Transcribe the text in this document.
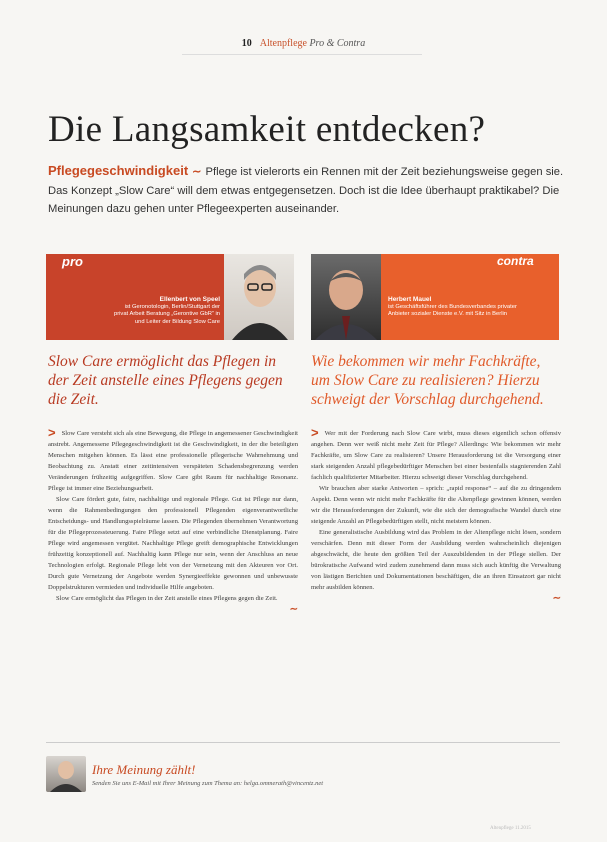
10 Altenpflege Pro & Contra
Die Langsamkeit entdecken?
Pflegegeschwindigkeit ∼ Pflege ist vielerorts ein Rennen mit der Zeit beziehungsweise gegen sie. Das Konzept „Slow Care“ will dem etwas entgegensetzen. Doch ist die Idee überhaupt praktikabel? Die Meinungen dazu gehen unter Pflegeexperten auseinander.
pro
Ellenbert von Speel
ist Geronotologin, Berlin/Stuttgart der privat Arbeit Beratung „Gerontive GbR“ in und Leiter der Bildung Slow Care
contra
Herbert Mauel
ist Geschäftsführer des Bundesverbandes privater Anbieter sozialer Dienste e.V. mit Sitz in Berlin
Slow Care ermöglicht das Pflegen in der Zeit anstelle eines Pflegens gegen die Zeit.
Wie bekommen wir mehr Fachkräfte, um Slow Care zu realisieren? Hierzu schweigt der Vorschlag durchgehend.
> Slow Care versteht sich als eine Bewegung, die Pflege in angemessener Geschwindigkeit anstrebt. Angemessene Pflegegeschwindigkeit ist die Geschwindigkeit, in der die beteiligten Menschen mitgehen können. Es lässt eine professionelle pflegerische Wahrnehmung und Beobachtung zu. Anstatt einer zeitintensiven verspäteten Schadensbegrenzung werden Veränderungen frühzeitig aufgegriffen. Slow Care gibt Raum für nachhaltige Resonanz. Pflege ist immer eine Beziehungsarbeit.

Slow Care fördert gute, faire, nachhaltige und regionale Pflege. Gut ist Pflege nur dann, wenn die Rahmenbedingungen den professionell Pflegenden eigenverantwortliche Entscheidungs- und Handlungsspielräume lassen. Die Pflegenden übernehmen Verantwortung für die Pflegeprozessteuerung. Faire Pflege setzt auf eine verbindliche Dienstplanung. Faire Pflege wird angemessen vergütet. Nachhaltige Pflege greift demographische Entwicklungen frühzeitig konzeptionell auf. Nachhaltig kann Pflege nur sein, wenn der Anschluss an neue Technologien erfolgt. Regionale Pflege lebt von der Vernetzung mit den Akteuren vor Ort. Durch gute Vernetzung der Angebote werden Synergieeffekte gewonnen und unbewusste Doppelstrukturen vermieden und individuelle Hilfe angeboten.

Slow Care ermöglicht das Pflegen in der Zeit anstelle eines Pflegens gegen die Zeit.

∼
> Wer mit der Forderung nach Slow Care wirbt, muss dieses eigentlich schon offensiv angehen. Denn wer weiß nicht mehr Zeit für Pflege? Allerdings: Wie bekommen wir mehr Fachkräfte, um Slow Care zu realisieren? Unsere Herausforderung ist die Versorgung einer stark steigenden Anzahl pflegebedürftiger Menschen bei einer bestenfalls stagnierenden Zahl fachlich qualifizierter Mitarbeiter. Hierzu schweigt dieser Vorschlag durchgehend.

Wir brauchen aber starke Antworten – sprich: „rapid response“ – auf die zu dringendem Aspekt. Denn wenn wir nicht mehr Fachkräfte für die Altenpflege gewinnen können, werden wir die Herausforderungen der Zukunft, wie die sich der demografische Wandel durch eine steigende Anzahl an Pflegebedürftigen stellt, nicht meistern können.

Eine generalistische Ausbildung wird das Problem in der Altenpflege nicht lösen, sondern verschärfen. Denn mit dieser Form der Ausbildung werden wahrscheinlich diejenigen abgeschwächt, die heute den größten Teil der Auszubildenden in der Pflege stellen. Der bürokratische Aufwand wird zudem zunehmend dann muss sich auch künftig die Verwaltung von lästigen Berichten und Dokumentationen beschäftigen, die an ihren Einsatzort gar nicht mehr ausbilden können.

∼
Ihre Meinung zählt!
Senden Sie uns E-Mail mit Ihrer Meinung zum Thema an: helga.ommerath@vincentz.net
Altenpflege 11.2015
